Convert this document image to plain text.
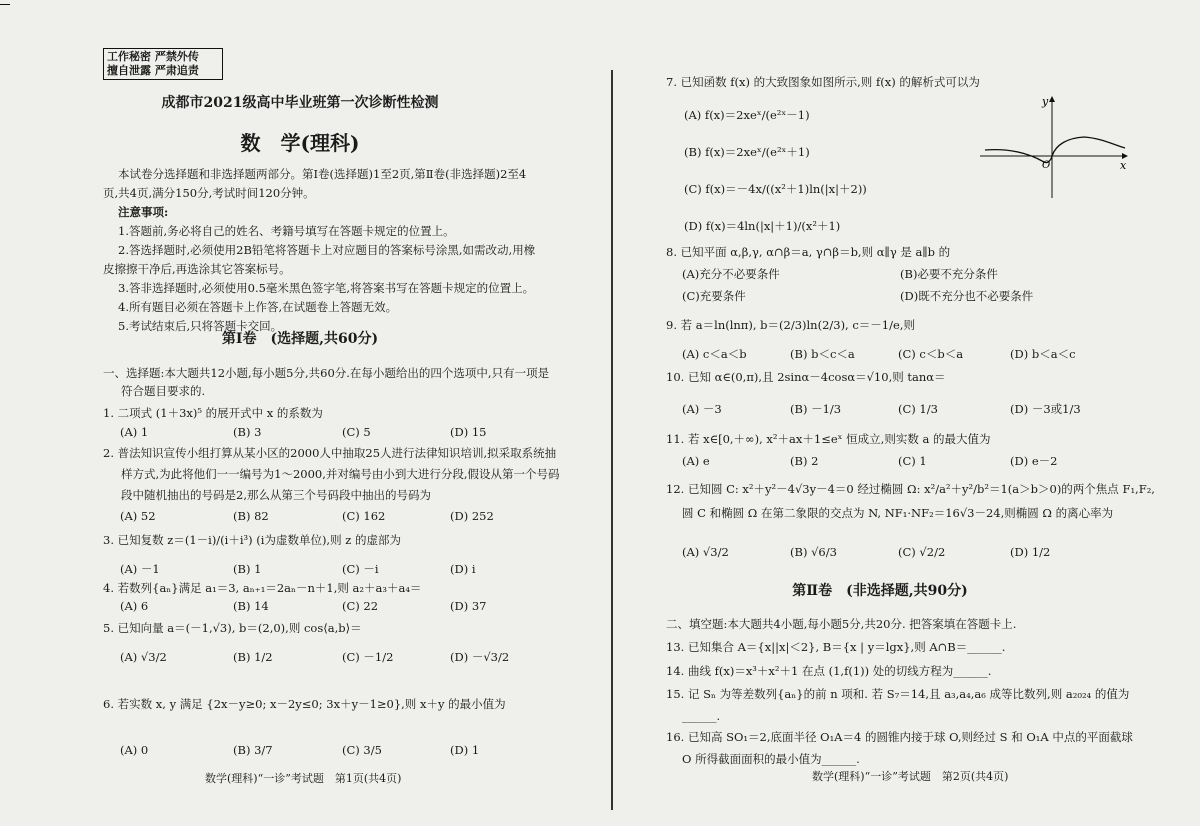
工作秘密 严禁外传
擅自泄露 严肃追责
成都市2021级高中毕业班第一次诊断性检测
数　学(理科)
本试卷分选择题和非选择题两部分。第Ⅰ卷(选择题)1至2页,第Ⅱ卷(非选择题)2至4
页,共4页,满分150分,考试时间120分钟。
注意事项:
1.答题前,务必将自己的姓名、考籍号填写在答题卡规定的位置上。
2.答选择题时,必须使用2B铅笔将答题卡上对应题目的答案标号涂黑,如需改动,用橡
皮擦擦干净后,再选涂其它答案标号。
3.答非选择题时,必须使用0.5毫米黑色签字笔,将答案书写在答题卡规定的位置上。
4.所有题目必须在答题卡上作答,在试题卷上答题无效。
5.考试结束后,只将答题卡交回。
第Ⅰ卷　(选择题,共60分)
一、选择题:本大题共12小题,每小题5分,共60分.在每小题给出的四个选项中,只有一项是
符合题目要求的.
1. 二项式 (1＋3x)⁵ 的展开式中 x 的系数为
(A) 1	(B) 3	(C) 5	(D) 15
2. 普法知识宣传小组打算从某小区的2000人中抽取25人进行法律知识培训,拟采取系统抽
样方式,为此将他们一一编号为1～2000,并对编号由小到大进行分段,假设从第一个号码
段中随机抽出的号码是2,那么从第三个号码段中抽出的号码为
(A) 52	(B) 82	(C) 162	(D) 252
3. 已知复数 z＝(1－i)/(i＋i³) (i为虚数单位),则 z 的虚部为
(A) －1	(B) 1	(C) －i	(D) i
4. 若数列{aₙ}满足 a₁＝3, aₙ₊₁＝2aₙ－n＋1,则 a₂＋a₃＋a₄＝
(A) 6	(B) 14	(C) 22	(D) 37
5. 已知向量 a＝(－1,√3), b＝(2,0),则 cos⟨a,b⟩＝
(A) √3/2	(B) 1/2	(C) －1/2	(D) －√3/2
6. 若实数 x, y 满足 {2x－y≥0; x－2y≤0; 3x＋y－1≥0},则 x＋y 的最小值为
(A) 0	(B) 3/7	(C) 3/5	(D) 1
数学(理科)“一诊”考试题　第1页(共4页)
7. 已知函数 f(x) 的大致图象如图所示,则 f(x) 的解析式可以为
(A) f(x)＝2xeˣ/(e²ˣ－1)
(B) f(x)＝2xeˣ/(e²ˣ＋1)
(C) f(x)＝－4x/((x²＋1)ln(|x|＋2))
(D) f(x)＝4ln(|x|＋1)/(x²＋1)
8. 已知平面 α,β,γ, α∩β＝a, γ∩β＝b,则 α∥γ 是 a∥b 的
(A)充分不必要条件	(B)必要不充分条件
(C)充要条件	(D)既不充分也不必要条件
9. 若 a＝ln(lnπ), b＝(2/3)ln(2/3), c＝－1/e,则
(A) c＜a＜b	(B) b＜c＜a	(C) c＜b＜a	(D) b＜a＜c
10. 已知 α∈(0,π),且 2sinα－4cosα＝√10,则 tanα＝
(A) －3	(B) －1/3	(C) 1/3	(D) －3或1/3
11. 若 x∈[0,＋∞), x²＋ax＋1≤eˣ 恒成立,则实数 a 的最大值为
(A) e	(B) 2	(C) 1	(D) e－2
12. 已知圆 C: x²＋y²－4√3y－4＝0 经过椭圆 Ω: x²/a²＋y²/b²＝1(a＞b＞0)的两个焦点 F₁,F₂,
圆 C 和椭圆 Ω 在第二象限的交点为 N, NF₁·NF₂＝16√3－24,则椭圆 Ω 的离心率为
(A) √3/2	(B) √6/3	(C) √2/2	(D) 1/2
x
y
O
第Ⅱ卷　(非选择题,共90分)
二、填空题:本大题共4小题,每小题5分,共20分. 把答案填在答题卡上.
13. 已知集合 A＝{x||x|＜2}, B＝{x | y＝lgx},则 A∩B＝______.
14. 曲线 f(x)＝x³＋x²＋1 在点 (1,f(1)) 处的切线方程为______.
15. 记 Sₙ 为等差数列{aₙ}的前 n 项和. 若 S₇＝14,且 a₃,a₄,a₆ 成等比数列,则 a₂₀₂₄ 的值为
______.
16. 已知高 SO₁＝2,底面半径 O₁A＝4 的圆锥内接于球 O,则经过 S 和 O₁A 中点的平面截球
O 所得截面面积的最小值为______.
数学(理科)“一诊”考试题　第2页(共4页)
